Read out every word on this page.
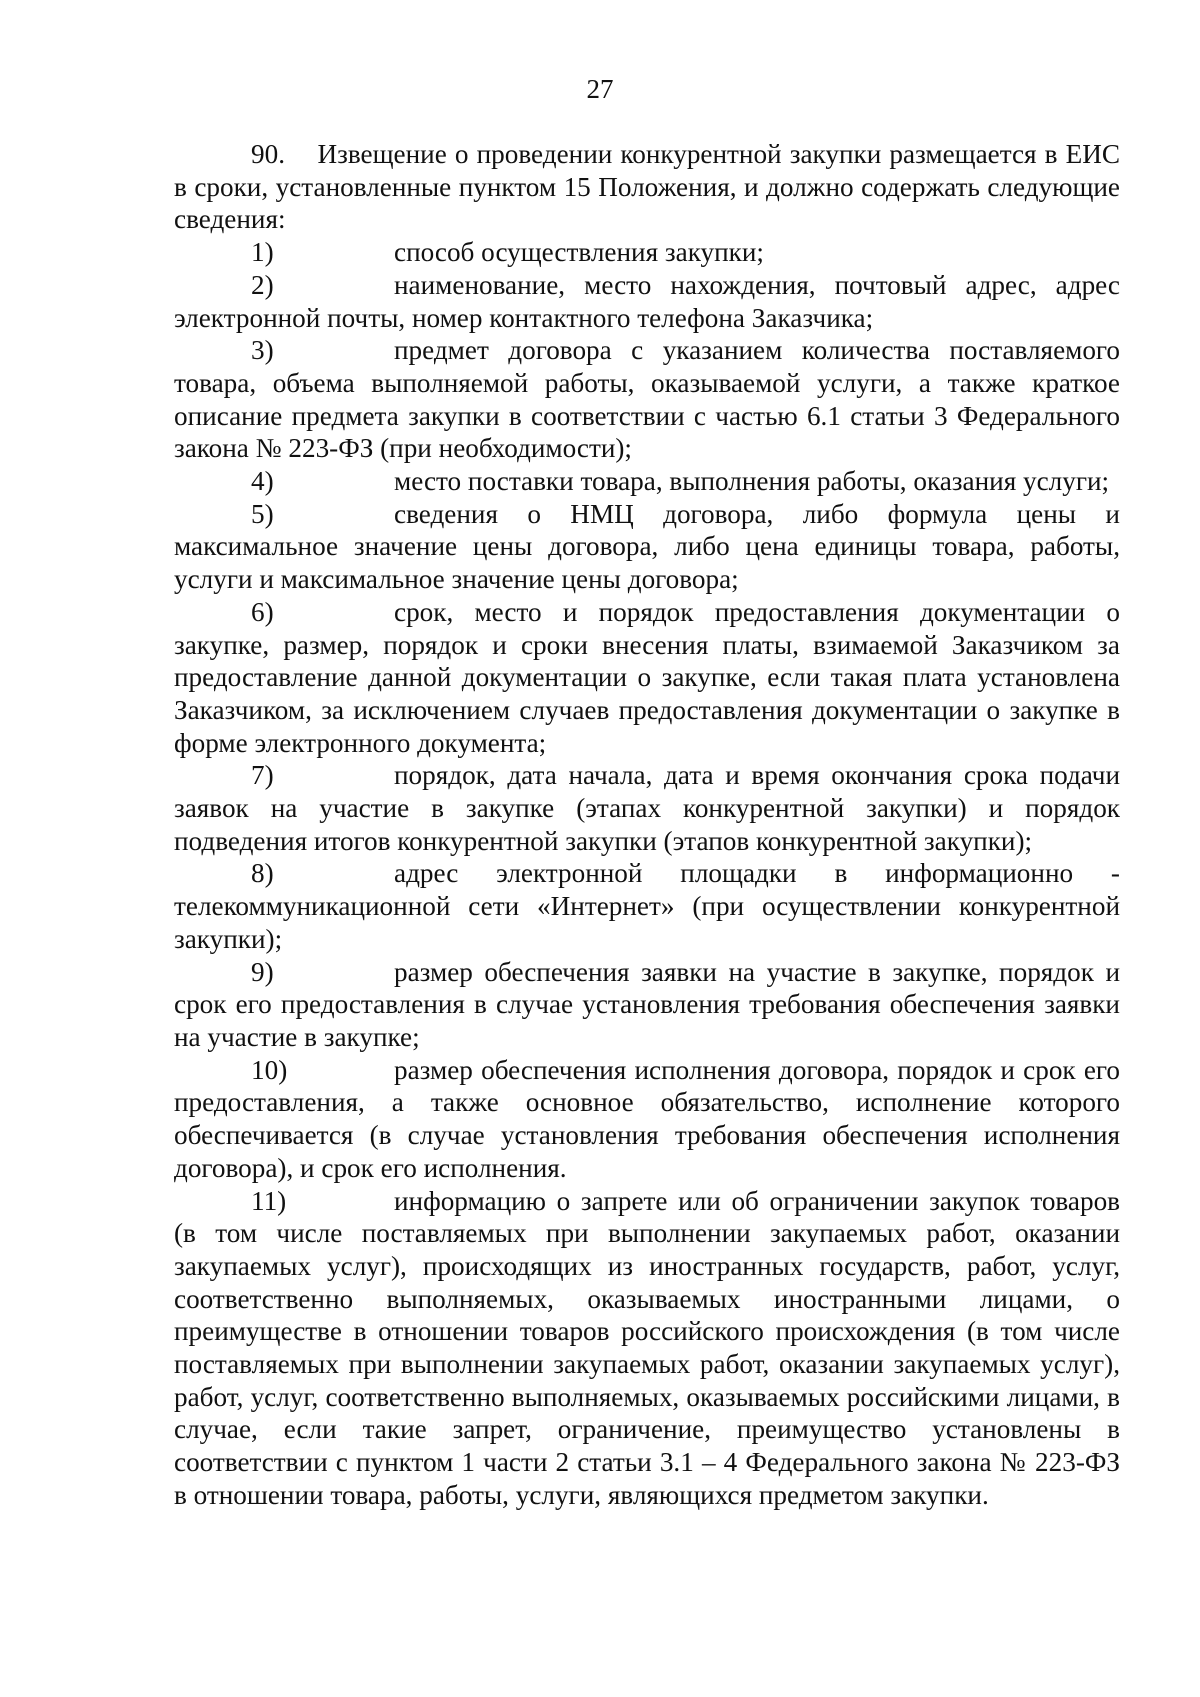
27

90. Извещение о проведении конкурентной закупки размещается в ЕИС в сроки, установленные пунктом 15 Положения, и должно содержать следующие сведения:

1)	способ осуществления закупки;

2)	наименование, место нахождения, почтовый адрес, адрес электронной почты, номер контактного телефона Заказчика;

3)	предмет договора с указанием количества поставляемого товара, объема выполняемой работы, оказываемой услуги, а также краткое описание предмета закупки в соответствии с частью 6.1 статьи 3 Федерального закона № 223-ФЗ (при необходимости);

4)	место поставки товара, выполнения работы, оказания услуги;

5)	сведения о НМЦ договора, либо формула цены и максимальное значение цены договора, либо цена единицы товара, работы, услуги и максимальное значение цены договора;

6)	срок, место и порядок предоставления документации о закупке, размер, порядок и сроки внесения платы, взимаемой Заказчиком за предоставление данной документации о закупке, если такая плата установлена Заказчиком, за исключением случаев предоставления документации о закупке в форме электронного документа;

7)	порядок, дата начала, дата и время окончания срока подачи заявок на участие в закупке (этапах конкурентной закупки) и порядок подведения итогов конкурентной закупки (этапов конкурентной закупки);

8)	адрес электронной площадки в информационно - телекоммуникационной сети «Интернет» (при осуществлении конкурентной закупки);

9)	размер обеспечения заявки на участие в закупке, порядок и срок его предоставления в случае установления требования обеспечения заявки на участие в закупке;

10)	размер обеспечения исполнения договора, порядок и срок его предоставления, а также основное обязательство, исполнение которого обеспечивается (в случае установления требования обеспечения исполнения договора), и срок его исполнения.

11)	информацию о запрете или об ограничении закупок товаров (в том числе поставляемых при выполнении закупаемых работ, оказании закупаемых услуг), происходящих из иностранных государств, работ, услуг, соответственно выполняемых, оказываемых иностранными лицами, о преимуществе в отношении товаров российского происхождения (в том числе поставляемых при выполнении закупаемых работ, оказании закупаемых услуг), работ, услуг, соответственно выполняемых, оказываемых российскими лицами, в случае, если такие запрет, ограничение, преимущество установлены в соответствии с пунктом 1 части 2 статьи 3.1 – 4 Федерального закона № 223-ФЗ в отношении товара, работы, услуги, являющихся предметом закупки.
